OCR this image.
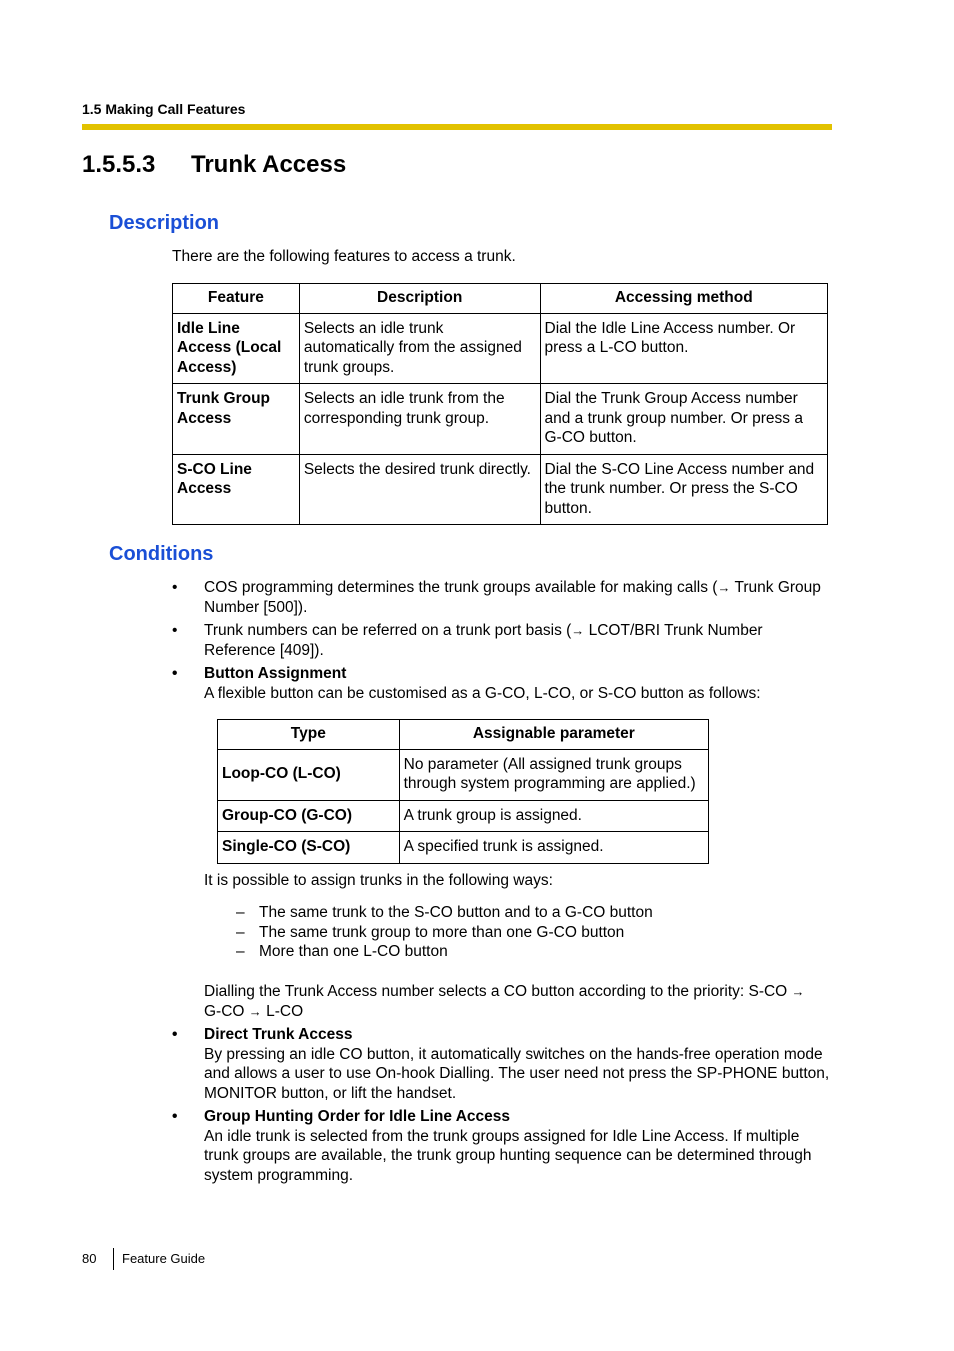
1.5 Making Call Features
1.5.5.3 Trunk Access
Description
There are the following features to access a trunk.
Feature	Description	Accessing method
Idle Line Access (Local Access)	Selects an idle trunk automatically from the assigned trunk groups.	Dial the Idle Line Access number. Or press a L-CO button.
Trunk Group Access	Selects an idle trunk from the corresponding trunk group.	Dial the Trunk Group Access number and a trunk group number. Or press a G-CO button.
S-CO Line Access	Selects the desired trunk directly.	Dial the S-CO Line Access number and the trunk number. Or press the S-CO button.
Conditions
• COS programming determines the trunk groups available for making calls (→ Trunk Group Number [500]).
• Trunk numbers can be referred on a trunk port basis (→ LCOT/BRI Trunk Number Reference [409]).
• Button Assignment
A flexible button can be customised as a G-CO, L-CO, or S-CO button as follows:
Type	Assignable parameter
Loop-CO (L-CO)	No parameter (All assigned trunk groups through system programming are applied.)
Group-CO (G-CO)	A trunk group is assigned.
Single-CO (S-CO)	A specified trunk is assigned.
It is possible to assign trunks in the following ways:
– The same trunk to the S-CO button and to a G-CO button
– The same trunk group to more than one G-CO button
– More than one L-CO button
Dialling the Trunk Access number selects a CO button according to the priority: S-CO →
G-CO → L-CO
• Direct Trunk Access
By pressing an idle CO button, it automatically switches on the hands-free operation mode and allows a user to use On-hook Dialling. The user need not press the SP-PHONE button, MONITOR button, or lift the handset.
• Group Hunting Order for Idle Line Access
An idle trunk is selected from the trunk groups assigned for Idle Line Access. If multiple trunk groups are available, the trunk group hunting sequence can be determined through system programming.
80 Feature Guide
